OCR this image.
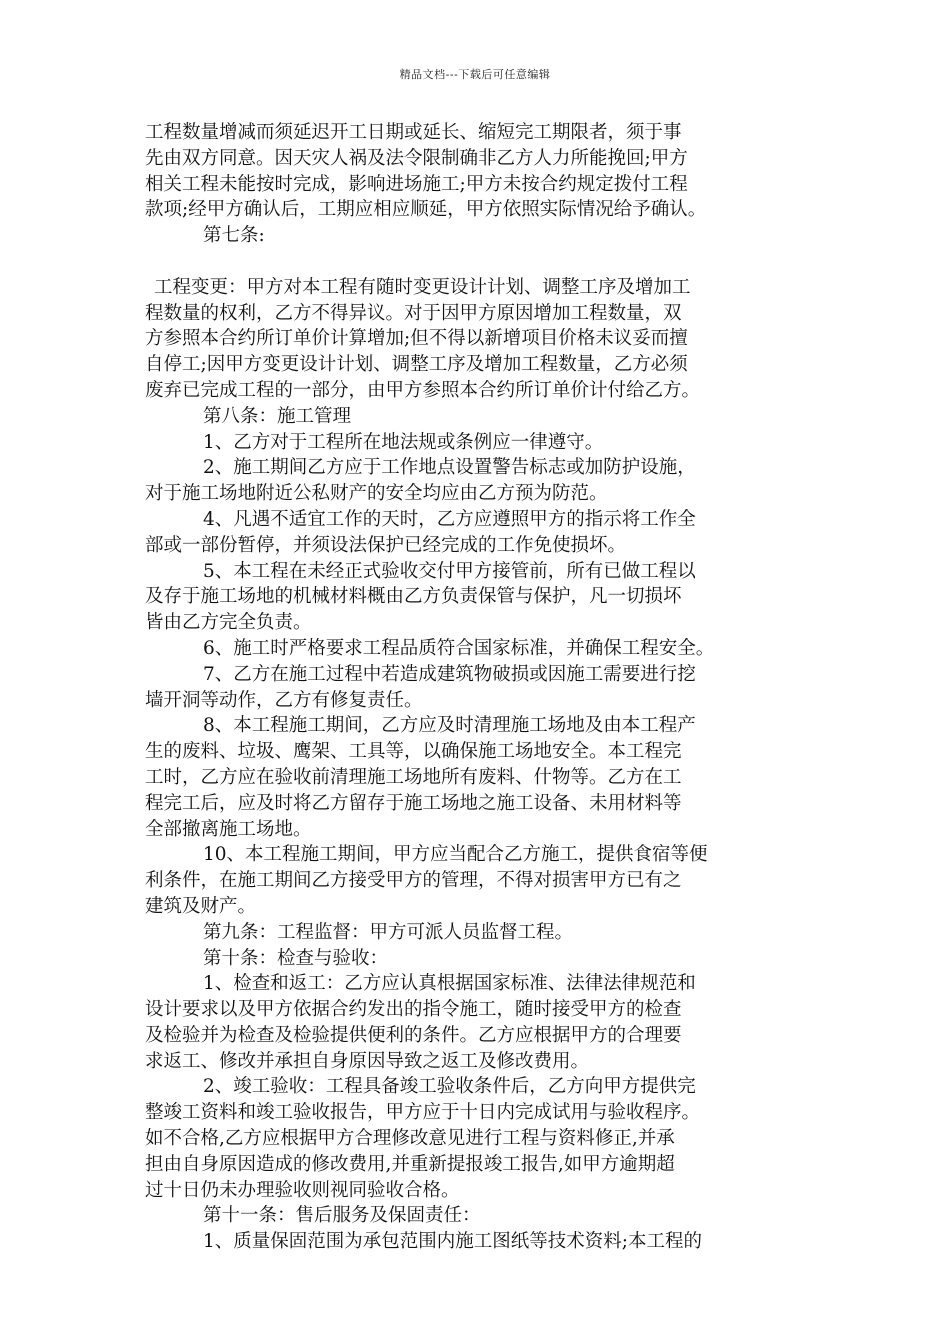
精品文档---下载后可任意编辑
工程数量增减而须延迟开工日期或延长、缩短完工期限者，须于事
先由双方同意。因天灾人祸及法令限制确非乙方人力所能挽回;甲方
相关工程未能按时完成，影响进场施工;甲方未按合约规定拨付工程
款项;经甲方确认后，工期应相应顺延，甲方依照实际情况给予确认。
第七条:
工程变更：甲方对本工程有随时变更设计计划、调整工序及增加工
程数量的权利，乙方不得异议。对于因甲方原因增加工程数量，双
方参照本合约所订单价计算增加;但不得以新增项目价格未议妥而擅
自停工;因甲方变更设计计划、调整工序及增加工程数量，乙方必须
废弃已完成工程的一部分，由甲方参照本合约所订单价计付给乙方。
第八条：施工管理
1、乙方对于工程所在地法规或条例应一律遵守。
2、施工期间乙方应于工作地点设置警告标志或加防护设施，
对于施工场地附近公私财产的安全均应由乙方预为防范。
4、凡遇不适宜工作的天时，乙方应遵照甲方的指示将工作全
部或一部份暂停，并须设法保护已经完成的工作免使损坏。
5、本工程在未经正式验收交付甲方接管前，所有已做工程以
及存于施工场地的机械材料概由乙方负责保管与保护，凡一切损坏
皆由乙方完全负责。
6、施工时严格要求工程品质符合国家标准，并确保工程安全。
7、乙方在施工过程中若造成建筑物破损或因施工需要进行挖
墙开洞等动作，乙方有修复责任。
8、本工程施工期间，乙方应及时清理施工场地及由本工程产
生的废料、垃圾、鹰架、工具等，以确保施工场地安全。本工程完
工时，乙方应在验收前清理施工场地所有废料、什物等。乙方在工
程完工后，应及时将乙方留存于施工场地之施工设备、未用材料等
全部撤离施工场地。
10、本工程施工期间，甲方应当配合乙方施工，提供食宿等便
利条件，在施工期间乙方接受甲方的管理，不得对损害甲方已有之
建筑及财产。
第九条：工程监督：甲方可派人员监督工程。
第十条：检查与验收：
1、检查和返工：乙方应认真根据国家标准、法律法律规范和
设计要求以及甲方依据合约发出的指令施工，随时接受甲方的检查
及检验并为检查及检验提供便利的条件。乙方应根据甲方的合理要
求返工、修改并承担自身原因导致之返工及修改费用。
2、竣工验收：工程具备竣工验收条件后，乙方向甲方提供完
整竣工资料和竣工验收报告，甲方应于十日内完成试用与验收程序。
如不合格,乙方应根据甲方合理修改意见进行工程与资料修正,并承
担由自身原因造成的修改费用,并重新提报竣工报告,如甲方逾期超
过十日仍未办理验收则视同验收合格。
第十一条：售后服务及保固责任：
1、质量保固范围为承包范围内施工图纸等技术资料;本工程的
